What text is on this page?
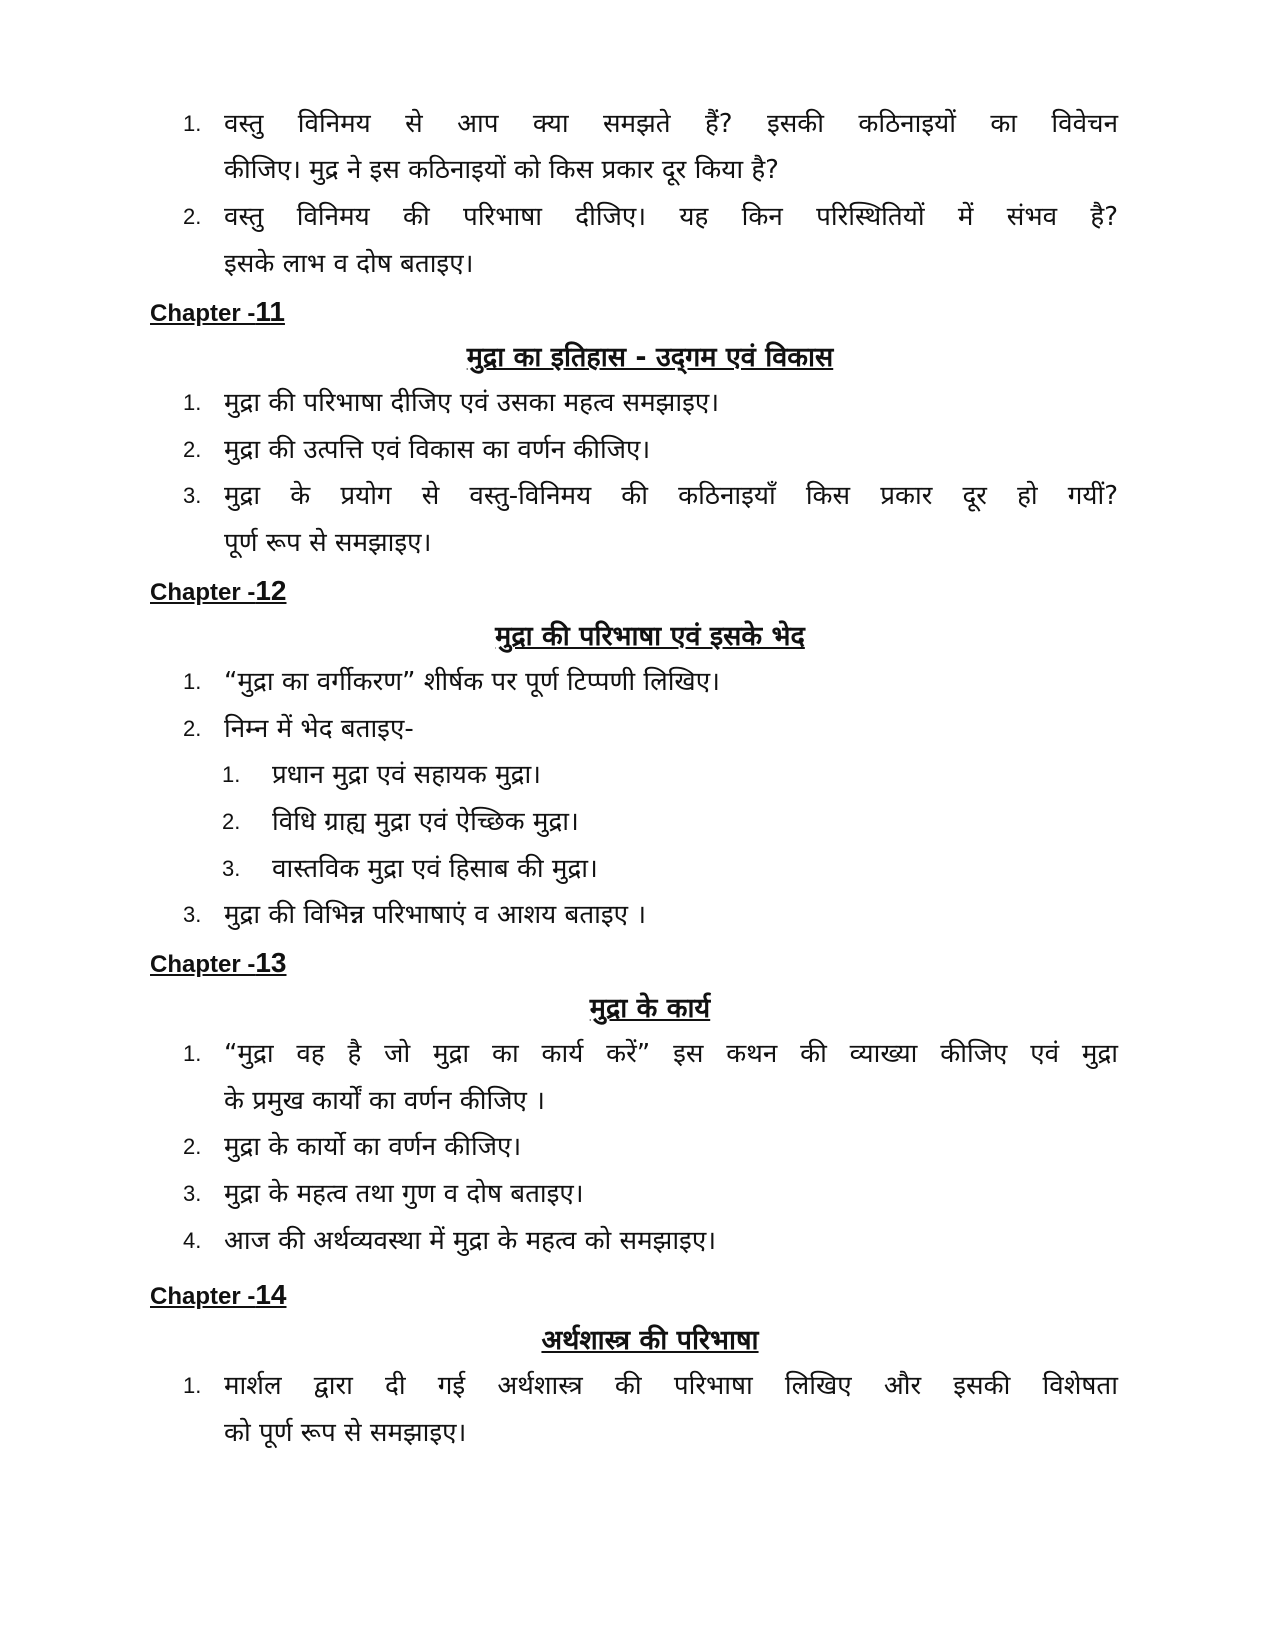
1. वस्तु विनिमय से आप क्या समझते हैं? इसकी कठिनाइयों का विवेचन
कीजिए। मुद्र ने इस कठिनाइयों को किस प्रकार दूर किया है?
2. वस्तु विनिमय की परिभाषा दीजिए। यह किन परिस्थितियों में संभव है?
इसके लाभ व दोष बताइए।
Chapter -11
मुद्रा का इतिहास - उद्‌गम एवं विकास
1. मुद्रा की परिभाषा दीजिए एवं उसका महत्व समझाइए।
2. मुद्रा की उत्पत्ति एवं विकास का वर्णन कीजिए।
3. मुद्रा के प्रयोग से वस्तु-विनिमय की कठिनाइयाँ किस प्रकार दूर हो गयीं?
पूर्ण रूप से समझाइए।
Chapter -12
मुद्रा की परिभाषा एवं इसके भेद
1. “मुद्रा का वर्गीकरण” शीर्षक पर पूर्ण टिप्पणी लिखिए।
2. निम्न में भेद बताइए-
1. प्रधान मुद्रा एवं सहायक मुद्रा।
2. विधि ग्राह्य मुद्रा एवं ऐच्छिक मुद्रा।
3. वास्तविक मुद्रा एवं हिसाब की मुद्रा।
3. मुद्रा की विभिन्न परिभाषाएं व आशय बताइए ।
Chapter -13
मुद्रा के कार्य
1. “मुद्रा वह है जो मुद्रा का कार्य करें” इस कथन की व्याख्या कीजिए एवं मुद्रा
के प्रमुख कार्यों का वर्णन कीजिए ।
2. मुद्रा के कार्यो का वर्णन कीजिए।
3. मुद्रा के महत्व तथा गुण व दोष बताइए।
4. आज की अर्थव्यवस्था में मुद्रा के महत्व को समझाइए।
Chapter -14
अर्थशास्त्र की परिभाषा
1. मार्शल द्वारा दी गई अर्थशास्त्र की परिभाषा लिखिए और इसकी विशेषता
को पूर्ण रूप से समझाइए।
